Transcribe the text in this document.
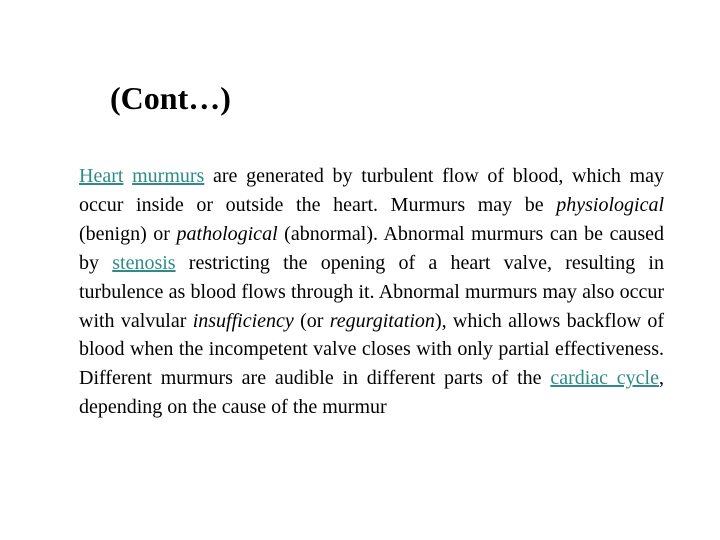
(Cont…)

Heart murmurs are generated by turbulent flow of blood, which may occur inside or outside the heart. Murmurs may be physiological (benign) or pathological (abnormal). Abnormal murmurs can be caused by stenosis restricting the opening of a heart valve, resulting in turbulence as blood flows through it. Abnormal murmurs may also occur with valvular insufficiency (or regurgitation), which allows backflow of blood when the incompetent valve closes with only partial effectiveness. Different murmurs are audible in different parts of the cardiac cycle, depending on the cause of the murmur
